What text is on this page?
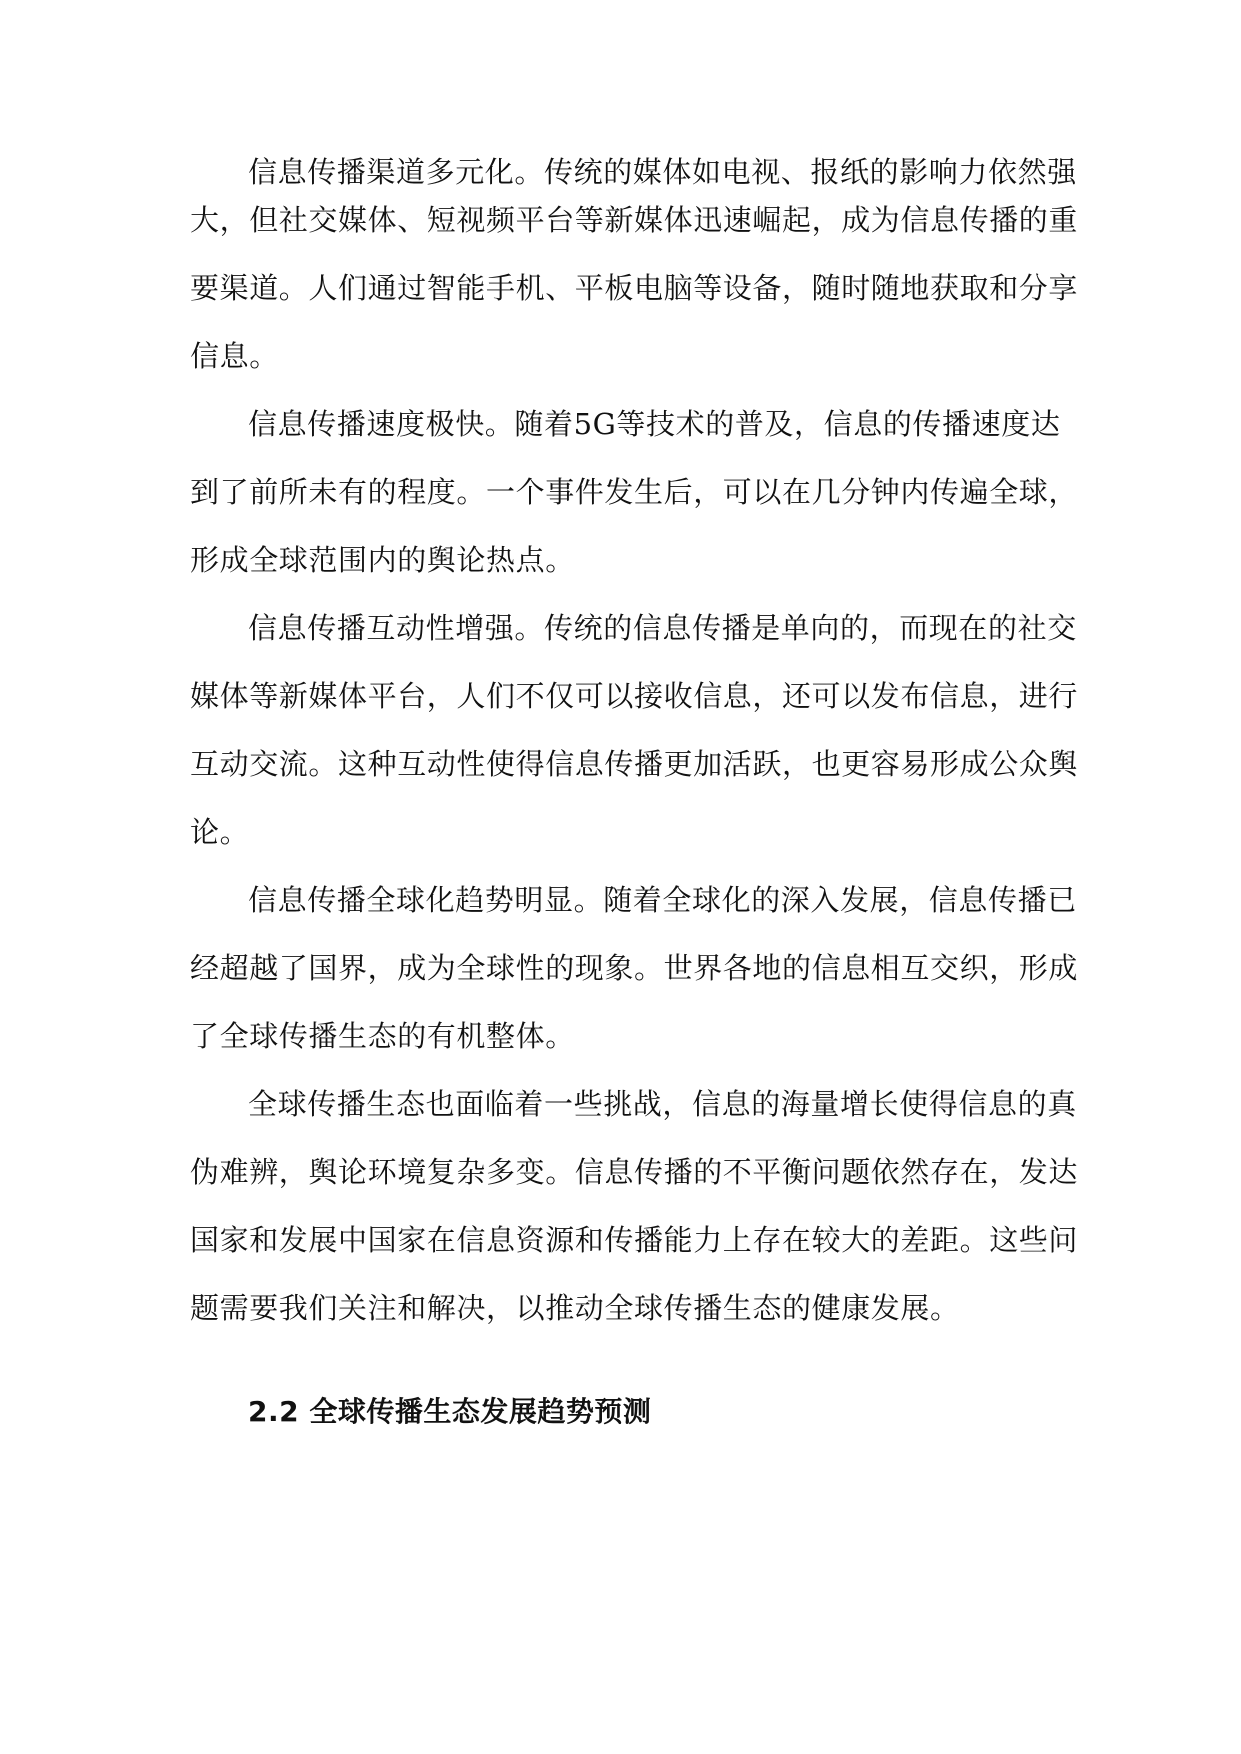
信息传播渠道多元化。传统的媒体如电视、报纸的影响力依然强
大，但社交媒体、短视频平台等新媒体迅速崛起，成为信息传播的重
要渠道。人们通过智能手机、平板电脑等设备，随时随地获取和分享
信息。
信息传播速度极快。随着5G等技术的普及，信息的传播速度达
到了前所未有的程度。一个事件发生后，可以在几分钟内传遍全球，
形成全球范围内的舆论热点。
信息传播互动性增强。传统的信息传播是单向的，而现在的社交
媒体等新媒体平台，人们不仅可以接收信息，还可以发布信息，进行
互动交流。这种互动性使得信息传播更加活跃，也更容易形成公众舆
论。
信息传播全球化趋势明显。随着全球化的深入发展，信息传播已
经超越了国界，成为全球性的现象。世界各地的信息相互交织，形成
了全球传播生态的有机整体。
全球传播生态也面临着一些挑战，信息的海量增长使得信息的真
伪难辨，舆论环境复杂多变。信息传播的不平衡问题依然存在，发达
国家和发展中国家在信息资源和传播能力上存在较大的差距。这些问
题需要我们关注和解决，以推动全球传播生态的健康发展。
2.2 全球传播生态发展趋势预测
